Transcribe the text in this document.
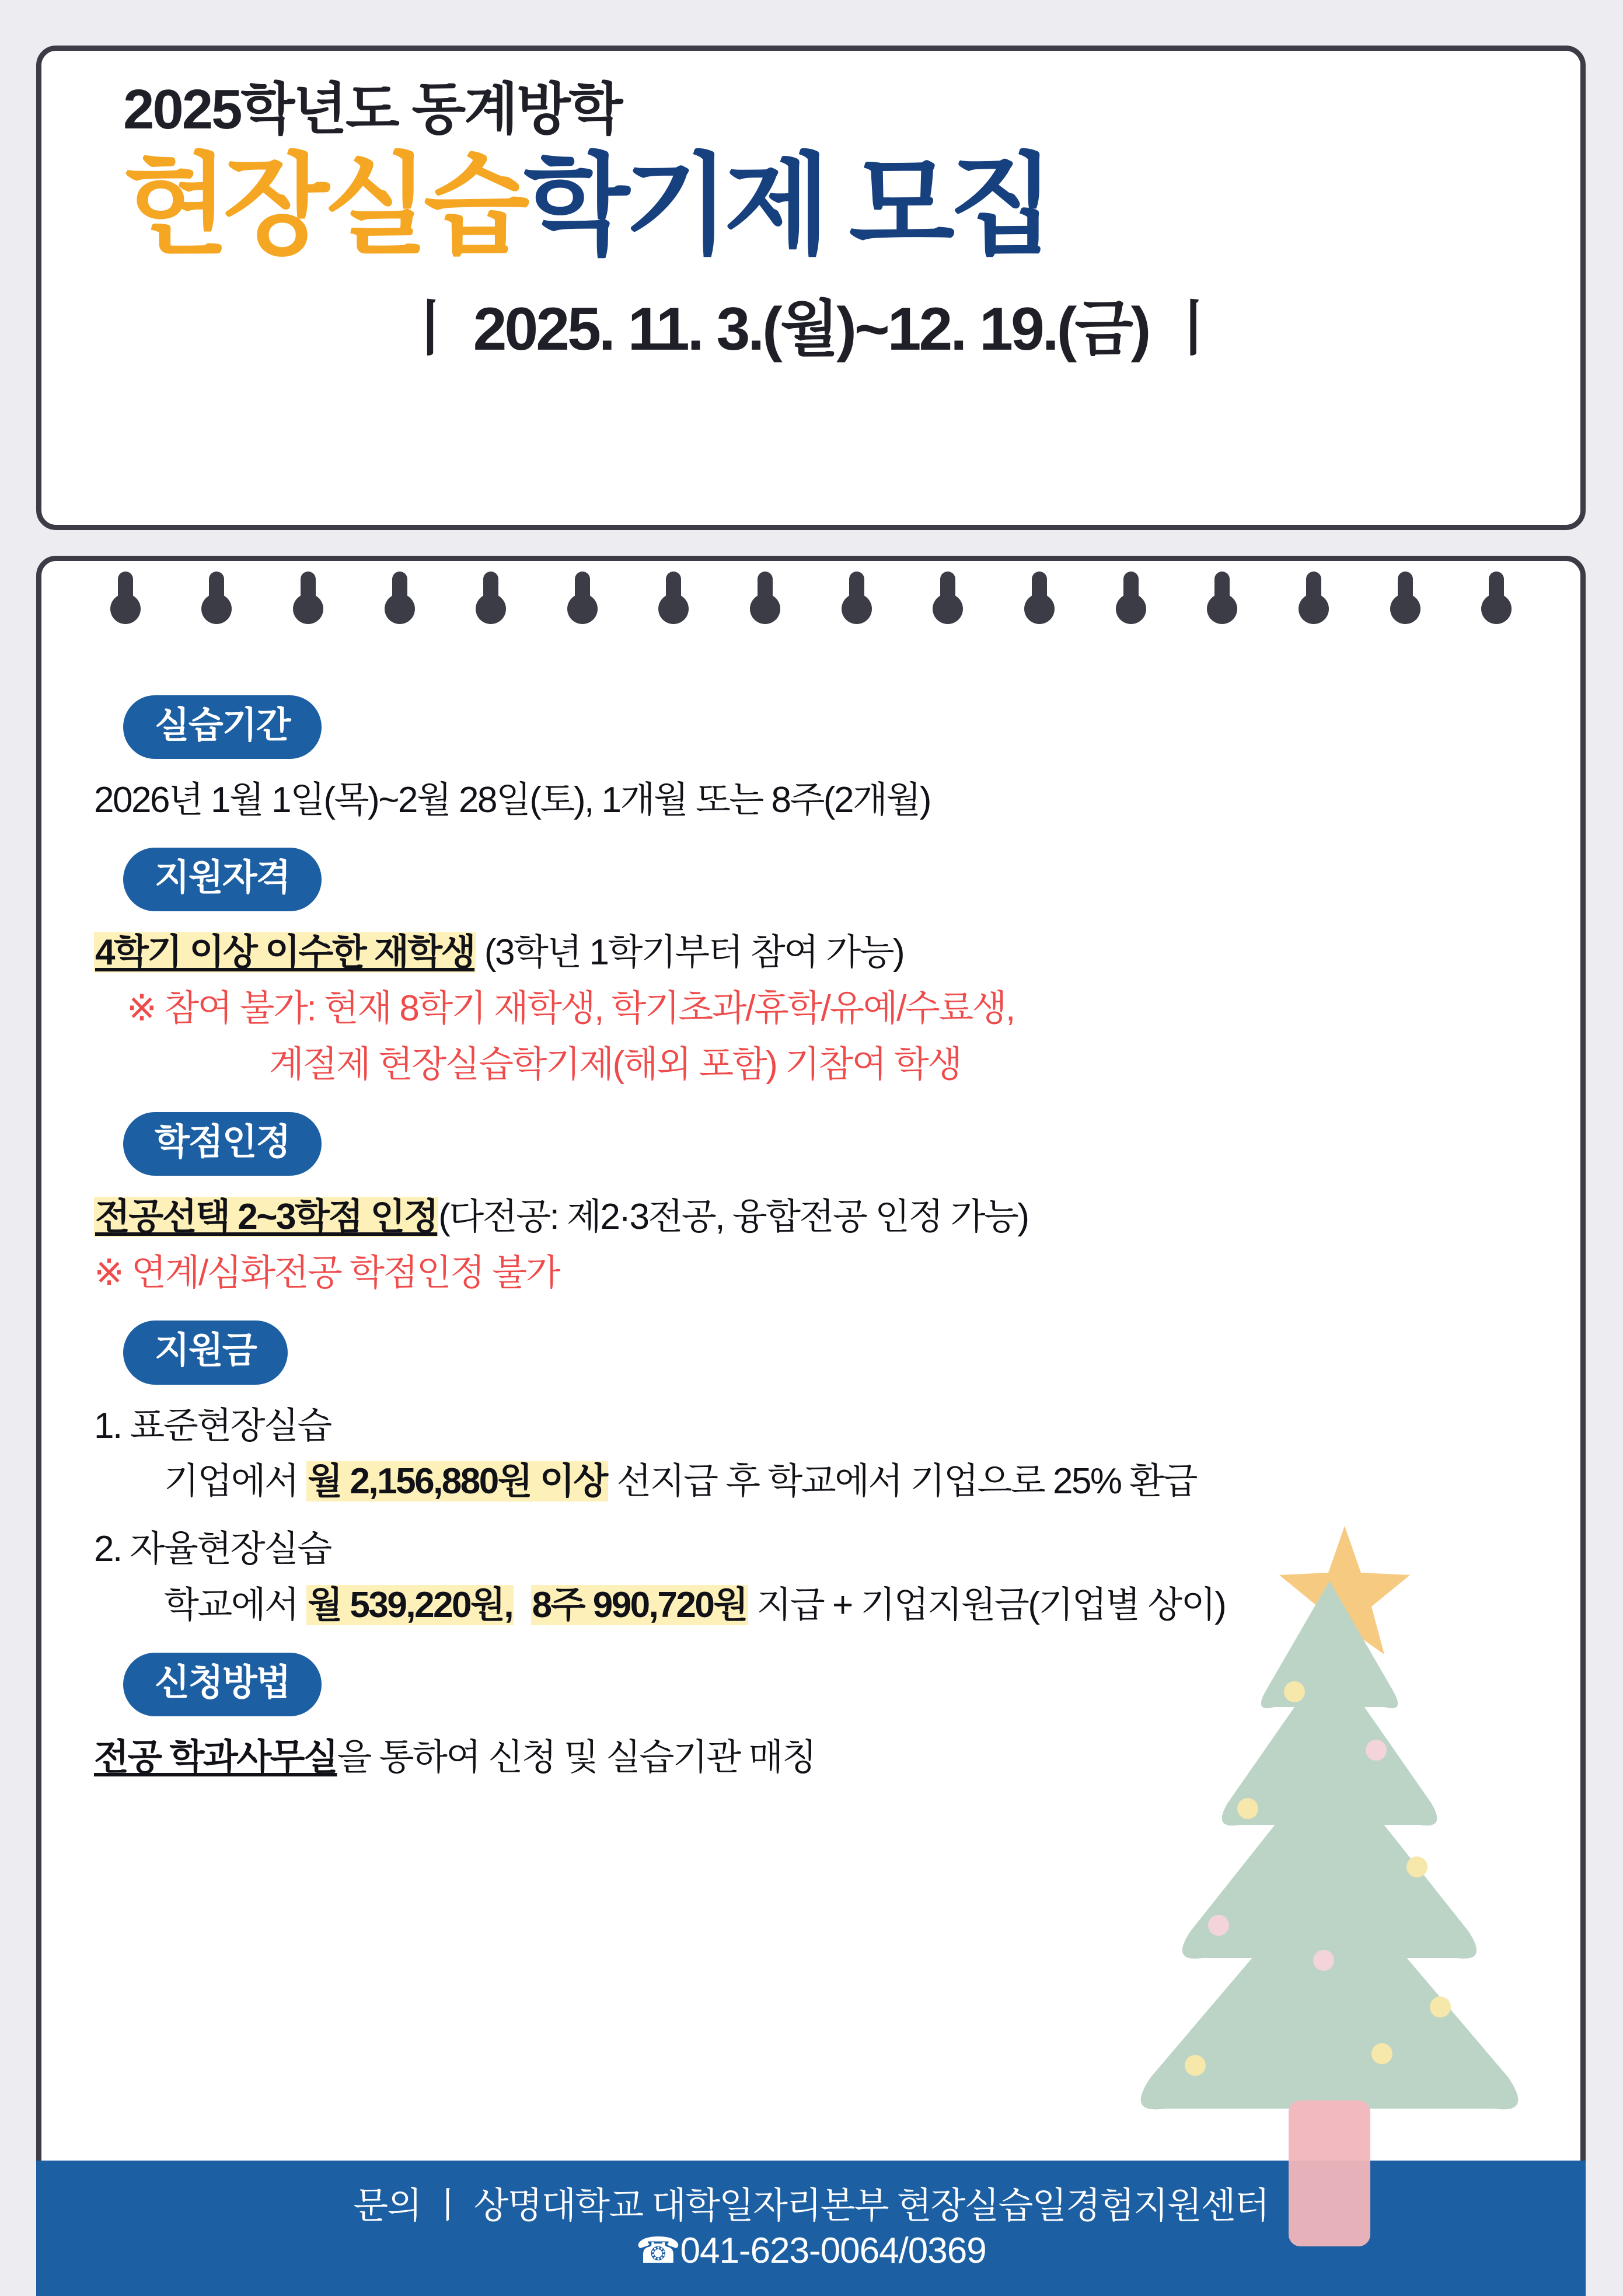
2025학년도 동계방학
현장실습학기제 모집
丨 2025. 11. 3.(월)~12. 19.(금) 丨
실습기간
2026년 1월 1일(목)~2월 28일(토), 1개월 또는 8주(2개월)
지원자격
4학기 이상 이수한 재학생 (3학년 1학기부터 참여 가능)
※ 참여 불가: 현재 8학기 재학생, 학기초과/휴학/유예/수료생,
계절제 현장실습학기제(해외 포함) 기참여 학생
학점인정
전공선택 2~3학점 인정(다전공: 제2·3전공, 융합전공 인정 가능)
※ 연계/심화전공 학점인정 불가
지원금
1. 표준현장실습
기업에서 월 2,156,880원 이상 선지급 후 학교에서 기업으로 25% 환급
2. 자율현장실습
학교에서 월 539,220원, 8주 990,720원 지급 + 기업지원금(기업별 상이)
신청방법
전공 학과사무실을 통하여 신청 및 실습기관 매칭
문의 丨 상명대학교 대학일자리본부 현장실습일경험지원센터
☎041-623-0064/0369
